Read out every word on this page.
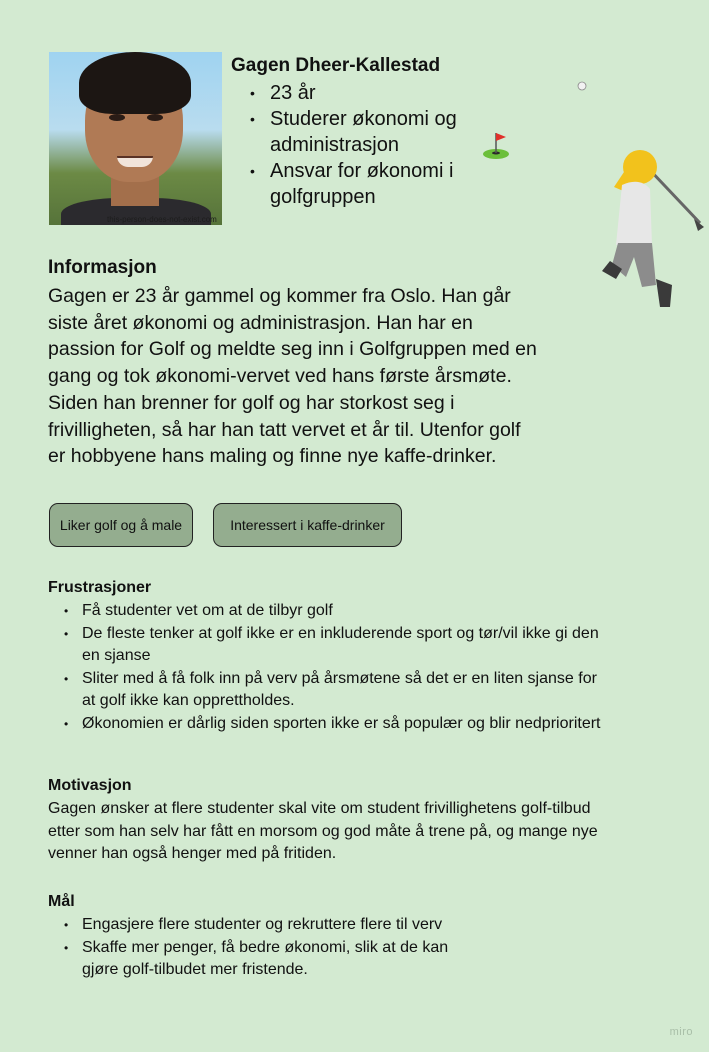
this-person-does-not-exist.com
Gagen Dheer-Kallestad
• 23 år
• Studerer økonomi og administrasjon
• Ansvar for økonomi i golfgruppen
Informasjon
Gagen er 23 år gammel og kommer fra Oslo. Han går siste året økonomi og administrasjon. Han har en passion for Golf og meldte seg inn i Golfgruppen med en gang og tok økonomi-vervet ved hans første årsmøte. Siden han brenner for golf og har storkost seg i frivilligheten, så har han tatt vervet et år til. Utenfor golf er hobbyene hans maling og finne nye kaffe-drinker.
Liker golf og å male	Interessert i kaffe-drinker
Frustrasjoner
• Få studenter vet om at de tilbyr golf
• De fleste tenker at golf ikke er en inkluderende sport og tør/vil ikke gi den en sjanse
• Sliter med å få folk inn på verv på årsmøtene så det er en liten sjanse for at golf ikke kan opprettholdes.
• Økonomien er dårlig siden sporten ikke er så populær og blir nedprioritert
Motivasjon
Gagen ønsker at flere studenter skal vite om student frivillighetens golf-tilbud etter som han selv har fått en morsom og god måte å trene på, og mange nye venner han også henger med på fritiden.
Mål
• Engasjere flere studenter og rekruttere flere til verv
• Skaffe mer penger, få bedre økonomi, slik at de kan gjøre golf-tilbudet mer fristende.
miro
